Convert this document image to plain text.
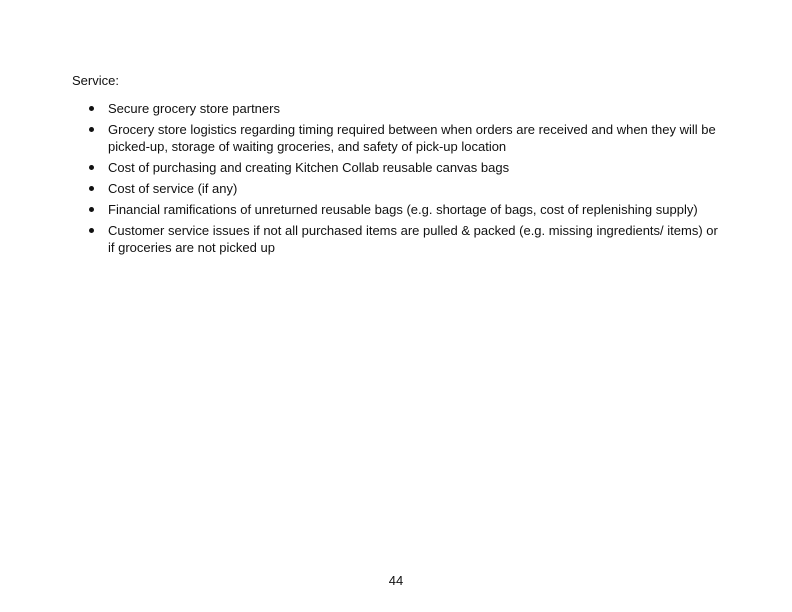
Service:

Secure grocery store partners
Grocery store logistics regarding timing required between when orders are received and when they will be picked-up, storage of waiting groceries, and safety of pick-up location
Cost of purchasing and creating Kitchen Collab reusable canvas bags
Cost of service (if any)
Financial ramifications of unreturned reusable bags (e.g. shortage of bags, cost of replenishing supply)
Customer service issues if not all purchased items are pulled & packed (e.g. missing ingredients/ items) or if groceries are not picked up
44
